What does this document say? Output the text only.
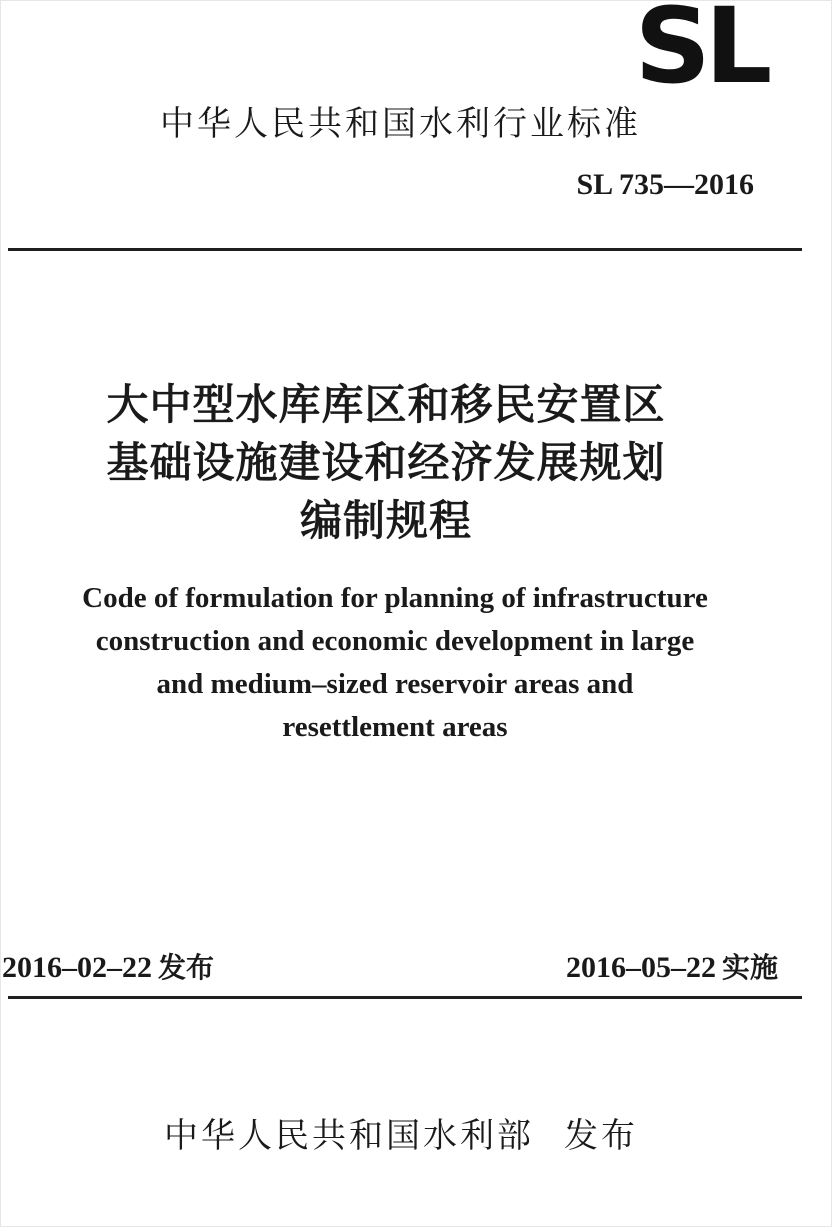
SL
中华人民共和国水利行业标准
SL 735—2016
大中型水库库区和移民安置区
基础设施建设和经济发展规划
编制规程
Code of formulation for planning of infrastructure
construction and economic development in large
and medium–sized reservoir areas and
resettlement areas
2016–02–22 发布	2016–05–22 实施
中华人民共和国水利部 发布
